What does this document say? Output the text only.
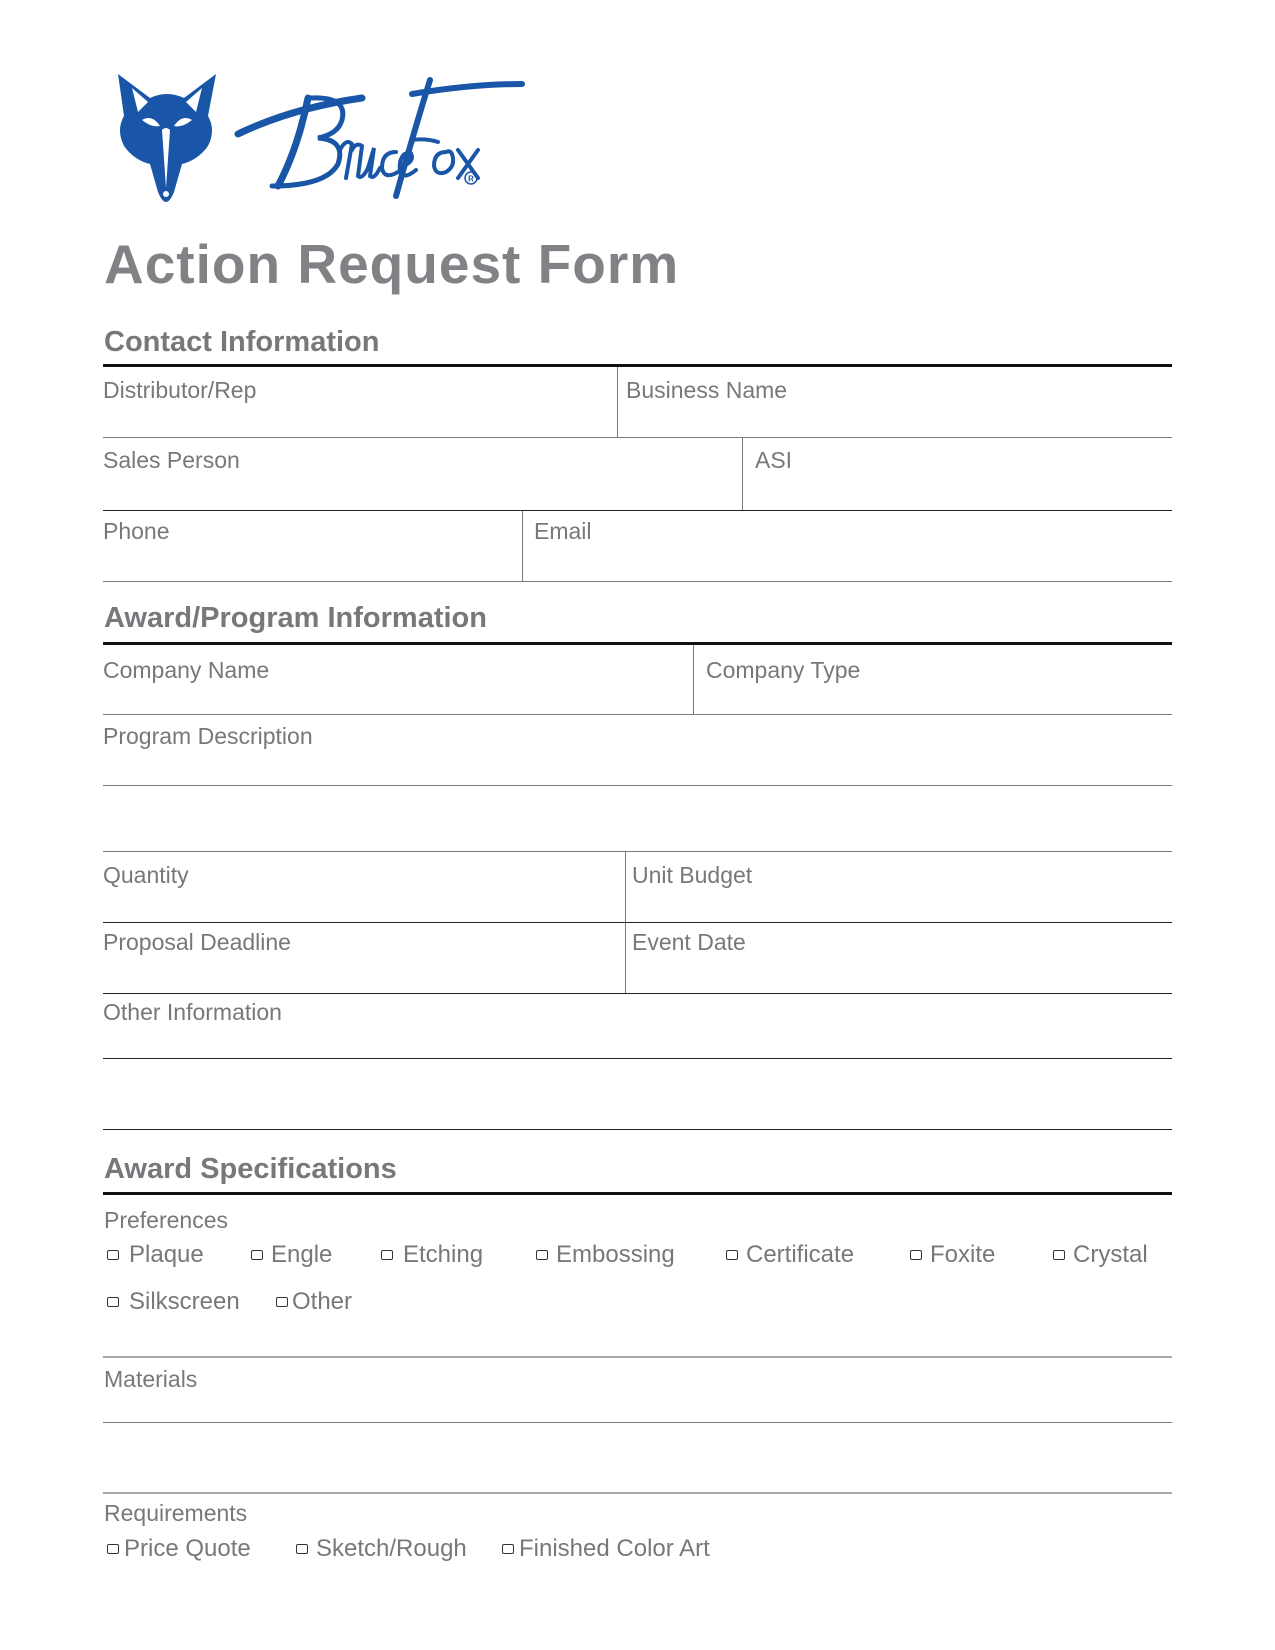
R
Action Request Form
Contact Information
Distributor/Rep	Business Name
Sales Person	ASI
Phone	Email
Award/Program Information
Company Name	Company Type
Program Description
Quantity	Unit Budget
Proposal Deadline	Event Date
Other Information
Award Specifications
Preferences
Plaque	Engle	Etching	Embossing	Certificate	Foxite	Crystal
Silkscreen Other
Materials
Requirements
Price Quote	Sketch/Rough Finished Color Art
